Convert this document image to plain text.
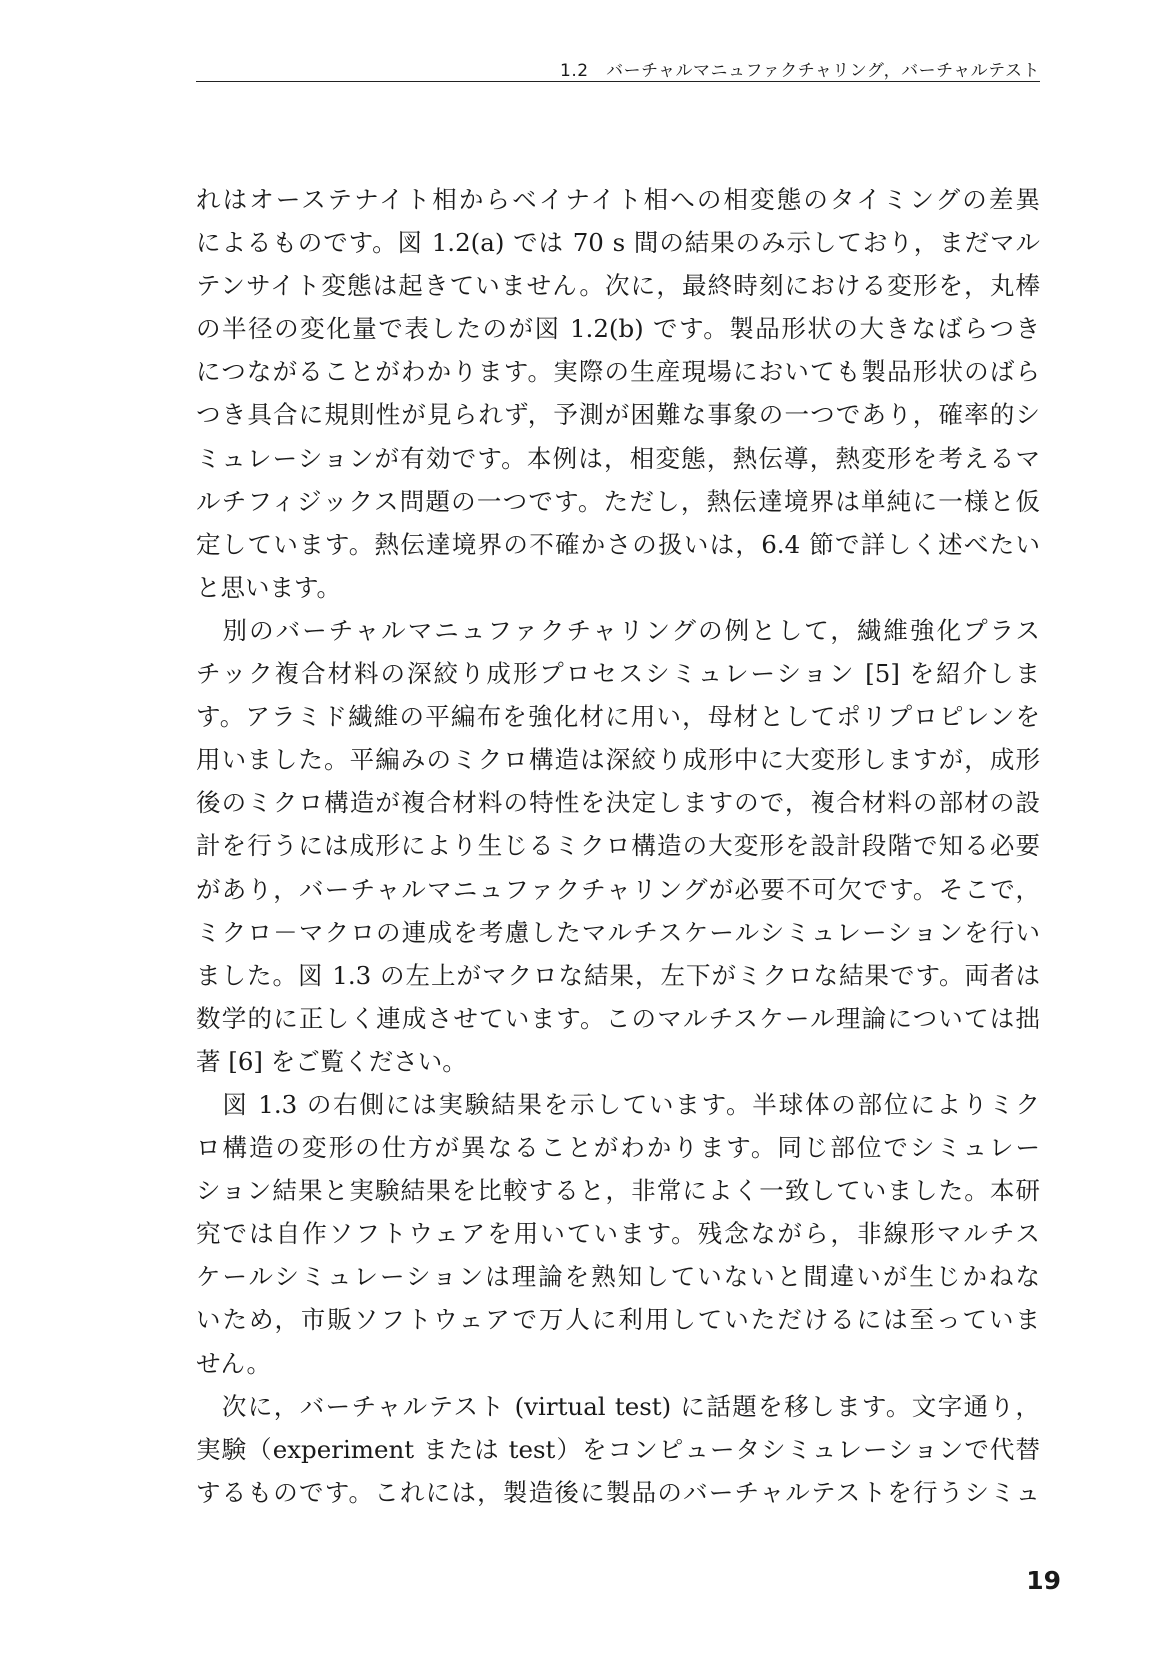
1.2　バーチャルマニュファクチャリング，バーチャルテスト
れはオーステナイト相からベイナイト相への相変態のタイミングの差異
によるものです。図 1.2(a) では 70 s 間の結果のみ示しており，まだマル
テンサイト変態は起きていません。次に，最終時刻における変形を，丸棒
の半径の変化量で表したのが図 1.2(b) です。製品形状の大きなばらつき
につながることがわかります。実際の生産現場においても製品形状のばら
つき具合に規則性が見られず，予測が困難な事象の一つであり，確率的シ
ミュレーションが有効です。本例は，相変態，熱伝導，熱変形を考えるマ
ルチフィジックス問題の一つです。ただし，熱伝達境界は単純に一様と仮
定しています。熱伝達境界の不確かさの扱いは，6.4 節で詳しく述べたい
と思います。
　別のバーチャルマニュファクチャリングの例として，繊維強化プラス
チック複合材料の深絞り成形プロセスシミュレーション [5] を紹介しま
す。アラミド繊維の平編布を強化材に用い，母材としてポリプロピレンを
用いました。平編みのミクロ構造は深絞り成形中に大変形しますが，成形
後のミクロ構造が複合材料の特性を決定しますので，複合材料の部材の設
計を行うには成形により生じるミクロ構造の大変形を設計段階で知る必要
があり，バーチャルマニュファクチャリングが必要不可欠です。そこで，
ミクロ－マクロの連成を考慮したマルチスケールシミュレーションを行い
ました。図 1.3 の左上がマクロな結果，左下がミクロな結果です。両者は
数学的に正しく連成させています。このマルチスケール理論については拙
著 [6] をご覧ください。
　図 1.3 の右側には実験結果を示しています。半球体の部位によりミク
ロ構造の変形の仕方が異なることがわかります。同じ部位でシミュレー
ション結果と実験結果を比較すると，非常によく一致していました。本研
究では自作ソフトウェアを用いています。残念ながら，非線形マルチス
ケールシミュレーションは理論を熟知していないと間違いが生じかねな
いため，市販ソフトウェアで万人に利用していただけるには至っていま
せん。
　次に，バーチャルテスト (virtual test) に話題を移します。文字通り，
実験（experiment または test）をコンピュータシミュレーションで代替
するものです。これには，製造後に製品のバーチャルテストを行うシミュ
19
